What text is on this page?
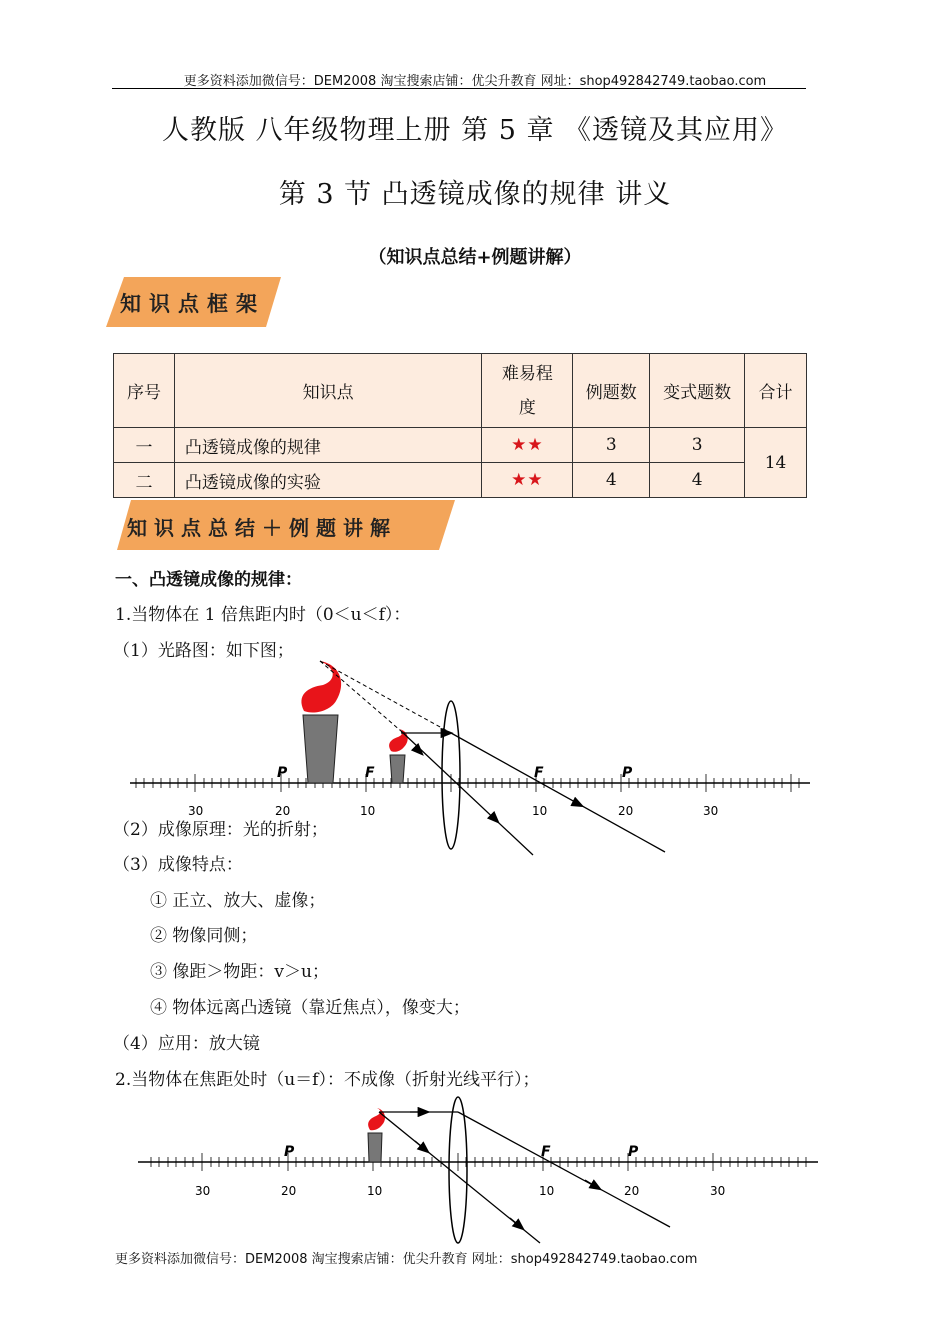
更多资料添加微信号：DEM2008 淘宝搜索店铺：优尖升教育 网址：shop492842749.taobao.com
人教版 八年级物理上册 第 5 章 《透镜及其应用》
第 3 节 凸透镜成像的规律 讲义
（知识点总结+例题讲解）
知识点框架
序号	知识点	难易程
度	例题数	变式题数	合计
一	凸透镜成像的规律	★★	3	3	14
二	凸透镜成像的实验	★★	4	4	
知识点总结＋例题讲解
一、凸透镜成像的规律：
1.当物体在 1 倍焦距内时（0＜u＜f）：
（1）光路图：如下图；
30	20	10	10	20	30
P	F	F	P
（2）成像原理：光的折射；
（3）成像特点：
① 正立、放大、虚像；
② 物像同侧；
③ 像距＞物距：v＞u；
④ 物体远离凸透镜（靠近焦点），像变大；
（4）应用：放大镜
2.当物体在焦距处时（u＝f）：不成像（折射光线平行）；
30	20	10	10	20	30
P	F	P
更多资料添加微信号：DEM2008 淘宝搜索店铺：优尖升教育 网址：shop492842749.taobao.com
